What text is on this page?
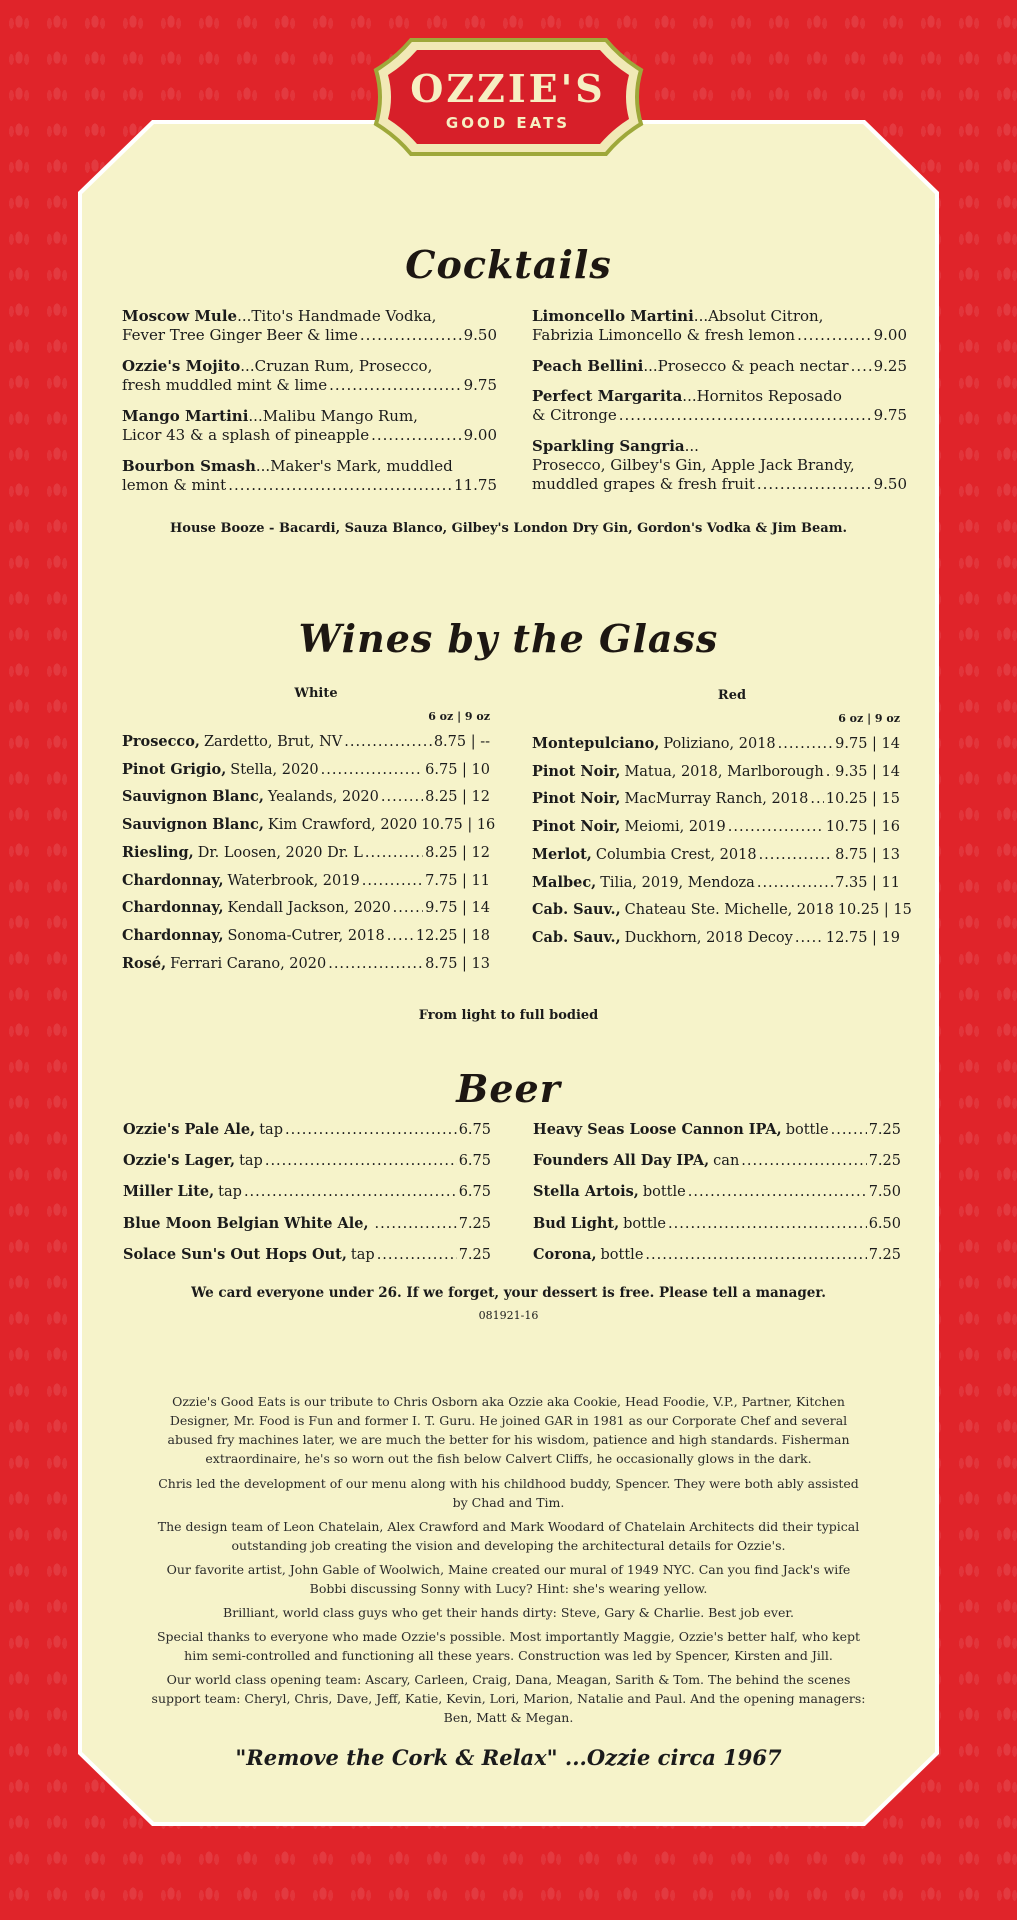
OZZIE'S
GOOD EATS
Cocktails
Moscow Mule...Tito's Handmade Vodka,
Fever Tree Ginger Beer & lime .....	9.50
Ozzie's Mojito...Cruzan Rum, Prosecco,
fresh muddled mint & lime .....	9.75
Mango Martini...Malibu Mango Rum,
Licor 43 & a splash of pineapple .....	9.00
Bourbon Smash...Maker's Mark, muddled
lemon & mint .....	11.75
Limoncello Martini...Absolut Citron,
Fabrizia Limoncello & fresh lemon .....	9.00
Peach Bellini ...Prosecco & peach nectar ..... 9.25
Perfect Margarita...Hornitos Reposado
& Citronge .....	9.75
Sparkling Sangria...
Prosecco, Gilbey's Gin, Apple Jack Brandy,
muddled grapes & fresh fruit .....	9.50
House Booze - Bacardi, Sauza Blanco, Gilbey's London Dry Gin, Gordon's Vodka & Jim Beam.
Wines by the Glass
White
6 oz | 9 oz
Red
6 oz | 9 oz
Prosecco, Zardetto, Brut, NV .....	8.75 | --
Pinot Grigio, Stella, 2020 .....	6.75 | 10
Sauvignon Blanc, Yealands, 2020 .....	8.25 | 12
Sauvignon Blanc, Kim Crawford, 2020 10.75 | 16
Riesling, Dr. Loosen, 2020 Dr. L .....	8.25 | 12
Chardonnay, Waterbrook, 2019 .....	7.75 | 11
Chardonnay, Kendall Jackson, 2020 ..... 9.75 | 14
Chardonnay, Sonoma-Cutrer, 2018 ..... 12.25 | 18
Rosé, Ferrari Carano, 2020 .....	8.75 | 13
Montepulciano, Poliziano, 2018 .....	9.75 | 14
Pinot Noir, Matua, 2018, Marlborough ..... 9.35 | 14
Pinot Noir, MacMurray Ranch, 2018 ..... 10.25 | 15
Pinot Noir, Meiomi, 2019 .....	10.75 | 16
Merlot, Columbia Crest, 2018 .....	8.75 | 13
Malbec, Tilia, 2019, Mendoza .....	7.35 | 11
Cab. Sauv., Chateau Ste. Michelle, 2018 10.25 | 15
Cab. Sauv., Duckhorn, 2018 Decoy ..... 12.75 | 19
From light to full bodied
Beer
Ozzie's Pale Ale, tap .....	6.75
Ozzie's Lager, tap .....	6.75
Miller Lite, tap .....	6.75
Blue Moon Belgian White Ale, .....	7.25
Solace Sun's Out Hops Out, tap .....	7.25
Heavy Seas Loose Cannon IPA, bottle .....	7.25
Founders All Day IPA, can .....	7.25
Stella Artois, bottle .....	7.50
Bud Light, bottle .....	6.50
Corona, bottle .....	7.25
We card everyone under 26. If we forget, your dessert is free. Please tell a manager.
081921-16
Ozzie's Good Eats is our tribute to Chris Osborn aka Ozzie aka Cookie, Head Foodie, V.P., Partner, Kitchen Designer, Mr. Food is Fun and former I. T. Guru. He joined GAR in 1981 as our Corporate Chef and several abused fry machines later, we are much the better for his wisdom, patience and high standards. Fisherman extraordinaire, he's so worn out the fish below Calvert Cliffs, he occasionally glows in the dark.
Chris led the development of our menu along with his childhood buddy, Spencer. They were both ably assisted by Chad and Tim.
The design team of Leon Chatelain, Alex Crawford and Mark Woodard of Chatelain Architects did their typical outstanding job creating the vision and developing the architectural details for Ozzie's.
Our favorite artist, John Gable of Woolwich, Maine created our mural of 1949 NYC. Can you find Jack's wife Bobbi discussing Sonny with Lucy? Hint: she's wearing yellow.
Brilliant, world class guys who get their hands dirty: Steve, Gary & Charlie. Best job ever.
Special thanks to everyone who made Ozzie's possible. Most importantly Maggie, Ozzie's better half, who kept him semi-controlled and functioning all these years. Construction was led by Spencer, Kirsten and Jill.
Our world class opening team: Ascary, Carleen, Craig, Dana, Meagan, Sarith & Tom. The behind the scenes support team: Cheryl, Chris, Dave, Jeff, Katie, Kevin, Lori, Marion, Natalie and Paul. And the opening managers: Ben, Matt & Megan.
"Remove the Cork & Relax" ...Ozzie circa 1967
